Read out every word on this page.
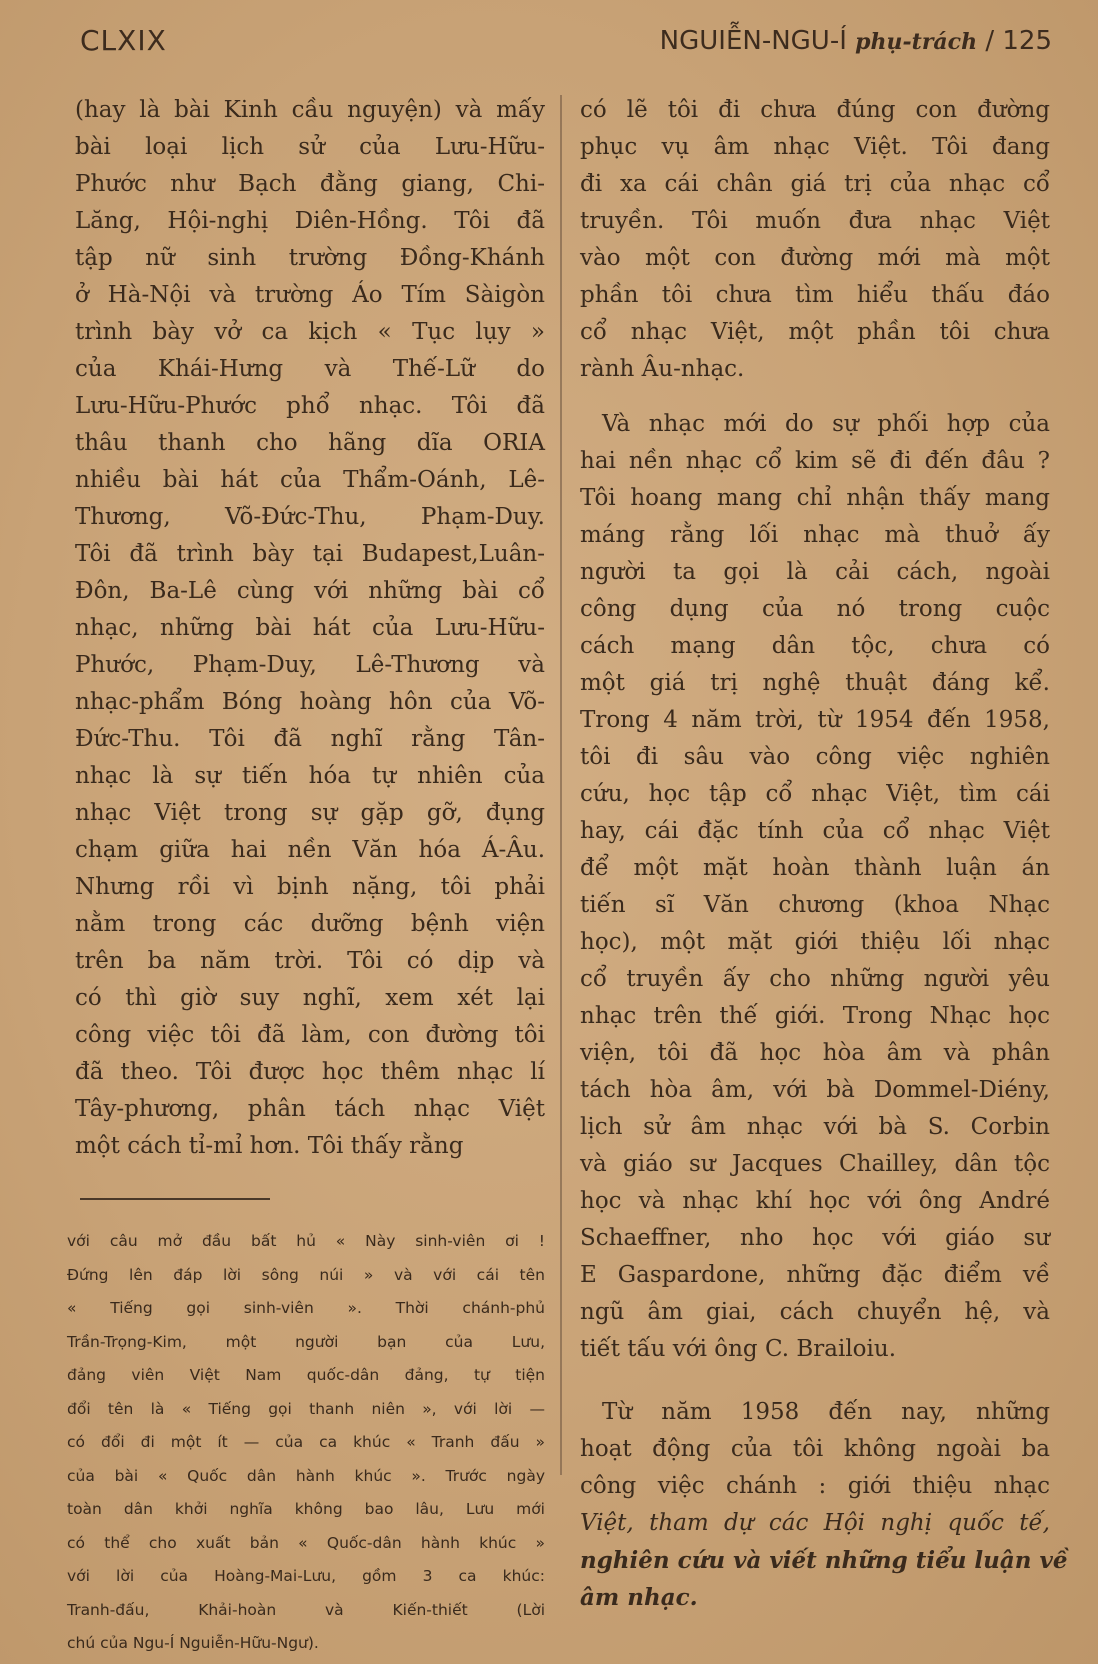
CLXIX	NGUIỄN-NGU-Í phụ-trách / 125
(hay là bài Kinh cầu nguyện) và mấy
bài loại lịch sử của Lưu-Hữu-
Phước như Bạch đằng giang, Chi-
Lăng, Hội-nghị Diên-Hồng. Tôi đã
tập nữ sinh trường Đồng-Khánh
ở Hà-Nội và trường Áo Tím Sàigòn
trình bày vở ca kịch « Tục lụy »
của Khái-Hưng và Thế-Lữ do
Lưu-Hữu-Phước phổ nhạc. Tôi đã
thâu thanh cho hãng dĩa ORIA
nhiều bài hát của Thẩm-Oánh, Lê-
Thương, Võ-Đức-Thu, Phạm-Duy.
Tôi đã trình bày tại Budapest,Luân-
Đôn, Ba-Lê cùng với những bài cổ
nhạc, những bài hát của Lưu-Hữu-
Phước, Phạm-Duy, Lê-Thương và
nhạc-phẩm Bóng hoàng hôn của Võ-
Đức-Thu. Tôi đã nghĩ rằng Tân-
nhạc là sự tiến hóa tự nhiên của
nhạc Việt trong sự gặp gỡ, đụng
chạm giữa hai nền Văn hóa Á-Âu.
Nhưng rồi vì bịnh nặng, tôi phải
nằm trong các dưỡng bệnh viện
trên ba năm trời. Tôi có dịp và
có thì giờ suy nghĩ, xem xét lại
công việc tôi đã làm, con đường tôi
đã theo. Tôi được học thêm nhạc lí
Tây-phương, phân tách nhạc Việt
một cách tỉ-mỉ hơn. Tôi thấy rằng
với câu mở đầu bất hủ « Này sinh-viên ơi !
Đứng lên đáp lời sông núi » và với cái tên
« Tiếng gọi sinh-viên ». Thời chánh-phủ
Trần-Trọng-Kim, một người bạn của Lưu,
đảng viên Việt Nam quốc-dân đảng, tự tiện
đổi tên là « Tiếng gọi thanh niên », với lời —
có đổi đi một ít — của ca khúc « Tranh đấu »
của bài « Quốc dân hành khúc ». Trước ngày
toàn dân khởi nghĩa không bao lâu, Lưu mới
có thể cho xuất bản « Quốc-dân hành khúc »
với lời của Hoàng-Mai-Lưu, gồm 3 ca khúc:
Tranh-đấu, Khải-hoàn và Kiến-thiết (Lời
chú của Ngu-Í Nguiễn-Hữu-Ngư).
có lẽ tôi đi chưa đúng con đường
phục vụ âm nhạc Việt. Tôi đang
đi xa cái chân giá trị của nhạc cổ
truyền. Tôi muốn đưa nhạc Việt
vào một con đường mới mà một
phần tôi chưa tìm hiểu thấu đáo
cổ nhạc Việt, một phần tôi chưa
rành Âu-nhạc.
Và nhạc mới do sự phối hợp của
hai nền nhạc cổ kim sẽ đi đến đâu ?
Tôi hoang mang chỉ nhận thấy mang
máng rằng lối nhạc mà thuở ấy
người ta gọi là cải cách, ngoài
công dụng của nó trong cuộc
cách mạng dân tộc, chưa có
một giá trị nghệ thuật đáng kể.
Trong 4 năm trời, từ 1954 đến 1958,
tôi đi sâu vào công việc nghiên
cứu, học tập cổ nhạc Việt, tìm cái
hay, cái đặc tính của cổ nhạc Việt
để một mặt hoàn thành luận án
tiến sĩ Văn chương (khoa Nhạc
học), một mặt giới thiệu lối nhạc
cổ truyền ấy cho những người yêu
nhạc trên thế giới. Trong Nhạc học
viện, tôi đã học hòa âm và phân
tách hòa âm, với bà Dommel-Diény,
lịch sử âm nhạc với bà S. Corbin
và giáo sư Jacques Chailley, dân tộc
học và nhạc khí học với ông André
Schaeffner, nho học với giáo sư
E Gaspardone, những đặc điểm về
ngũ âm giai, cách chuyển hệ, và
tiết tấu với ông C. Brailoiu.
Từ năm 1958 đến nay, những
hoạt động của tôi không ngoài ba
công việc chánh : giới thiệu nhạc
Việt, tham dự các Hội nghị quốc tế,
nghiên cứu và viết những tiểu luận về
âm nhạc.
